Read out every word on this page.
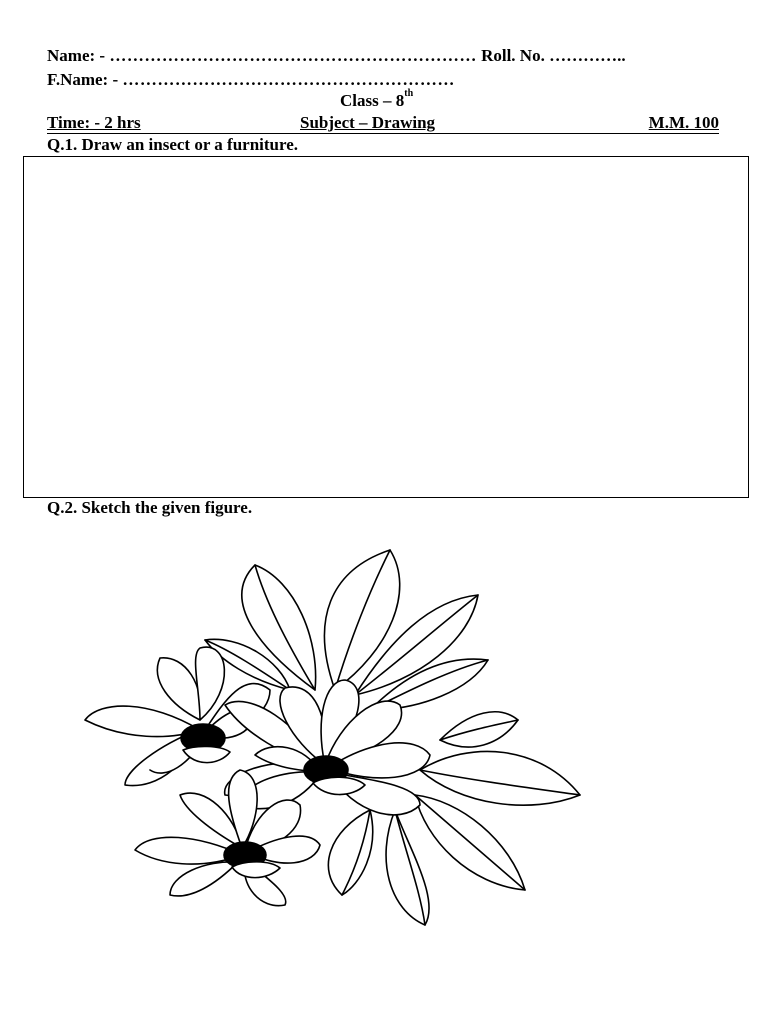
Name: - ……………………………………………………… Roll. No. …………..
F.Name: - …………………………………………………
Class – 8th
Time: - 2 hrs	Subject – Drawing	M.M. 100
Q.1. Draw an insect or a furniture.
Q.2. Sketch the given figure.
